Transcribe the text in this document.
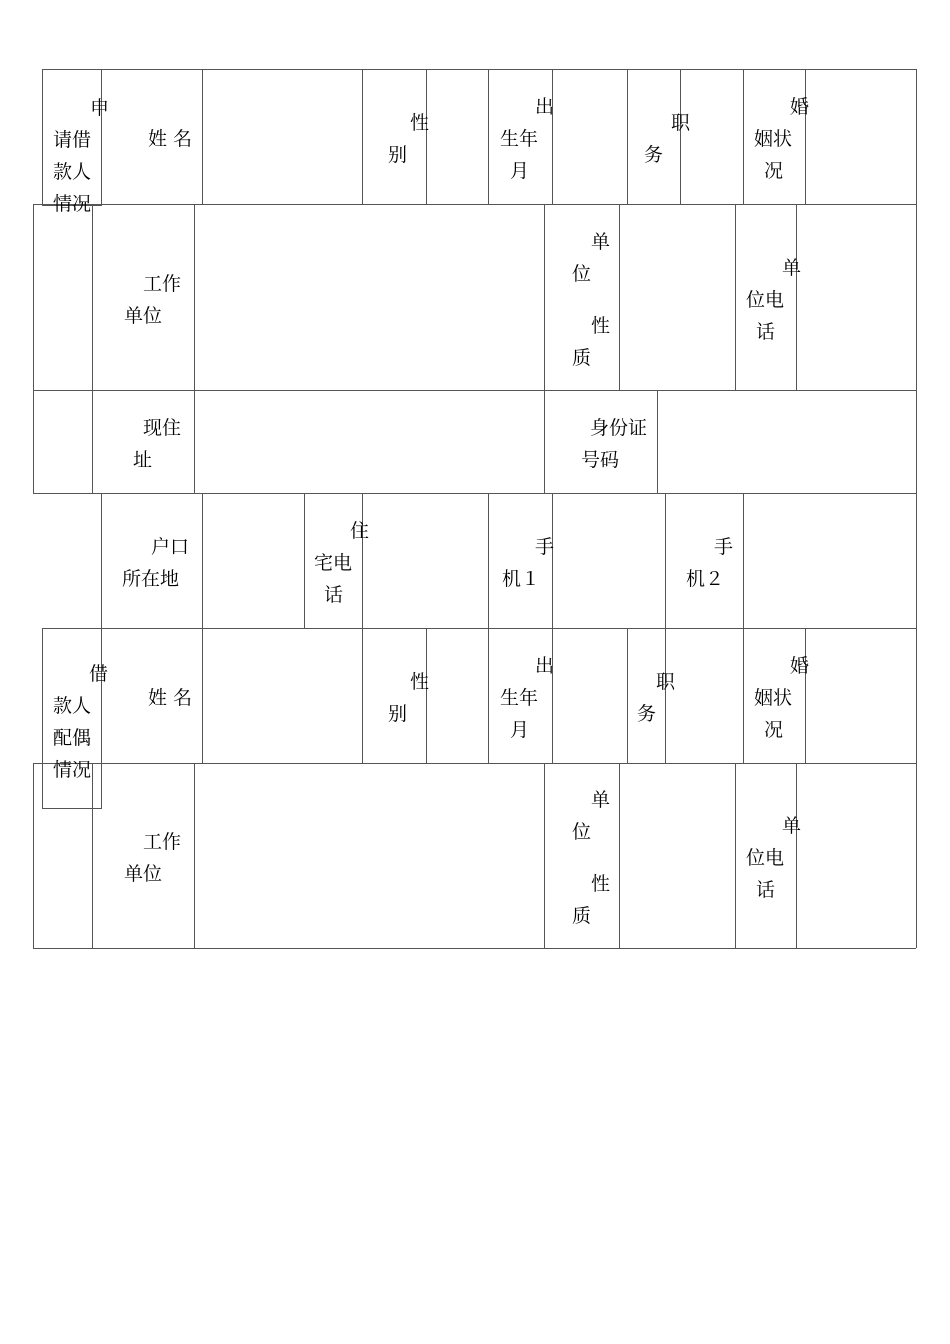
申
请借
款人
情况
姓 名
性
别
出
生年
月
职
务
婚
姻状
况
工作
单位
单
位
性
质
单
位电
话
现住
址
身份证
号码
户口
所在地
住
宅电
话
手
机１
手
机２
借
款人
配偶
情况
姓 名
性
别
出
生年
月
职
务
婚
姻状
况
工作
单位
单
位
性
质
单
位电
话
